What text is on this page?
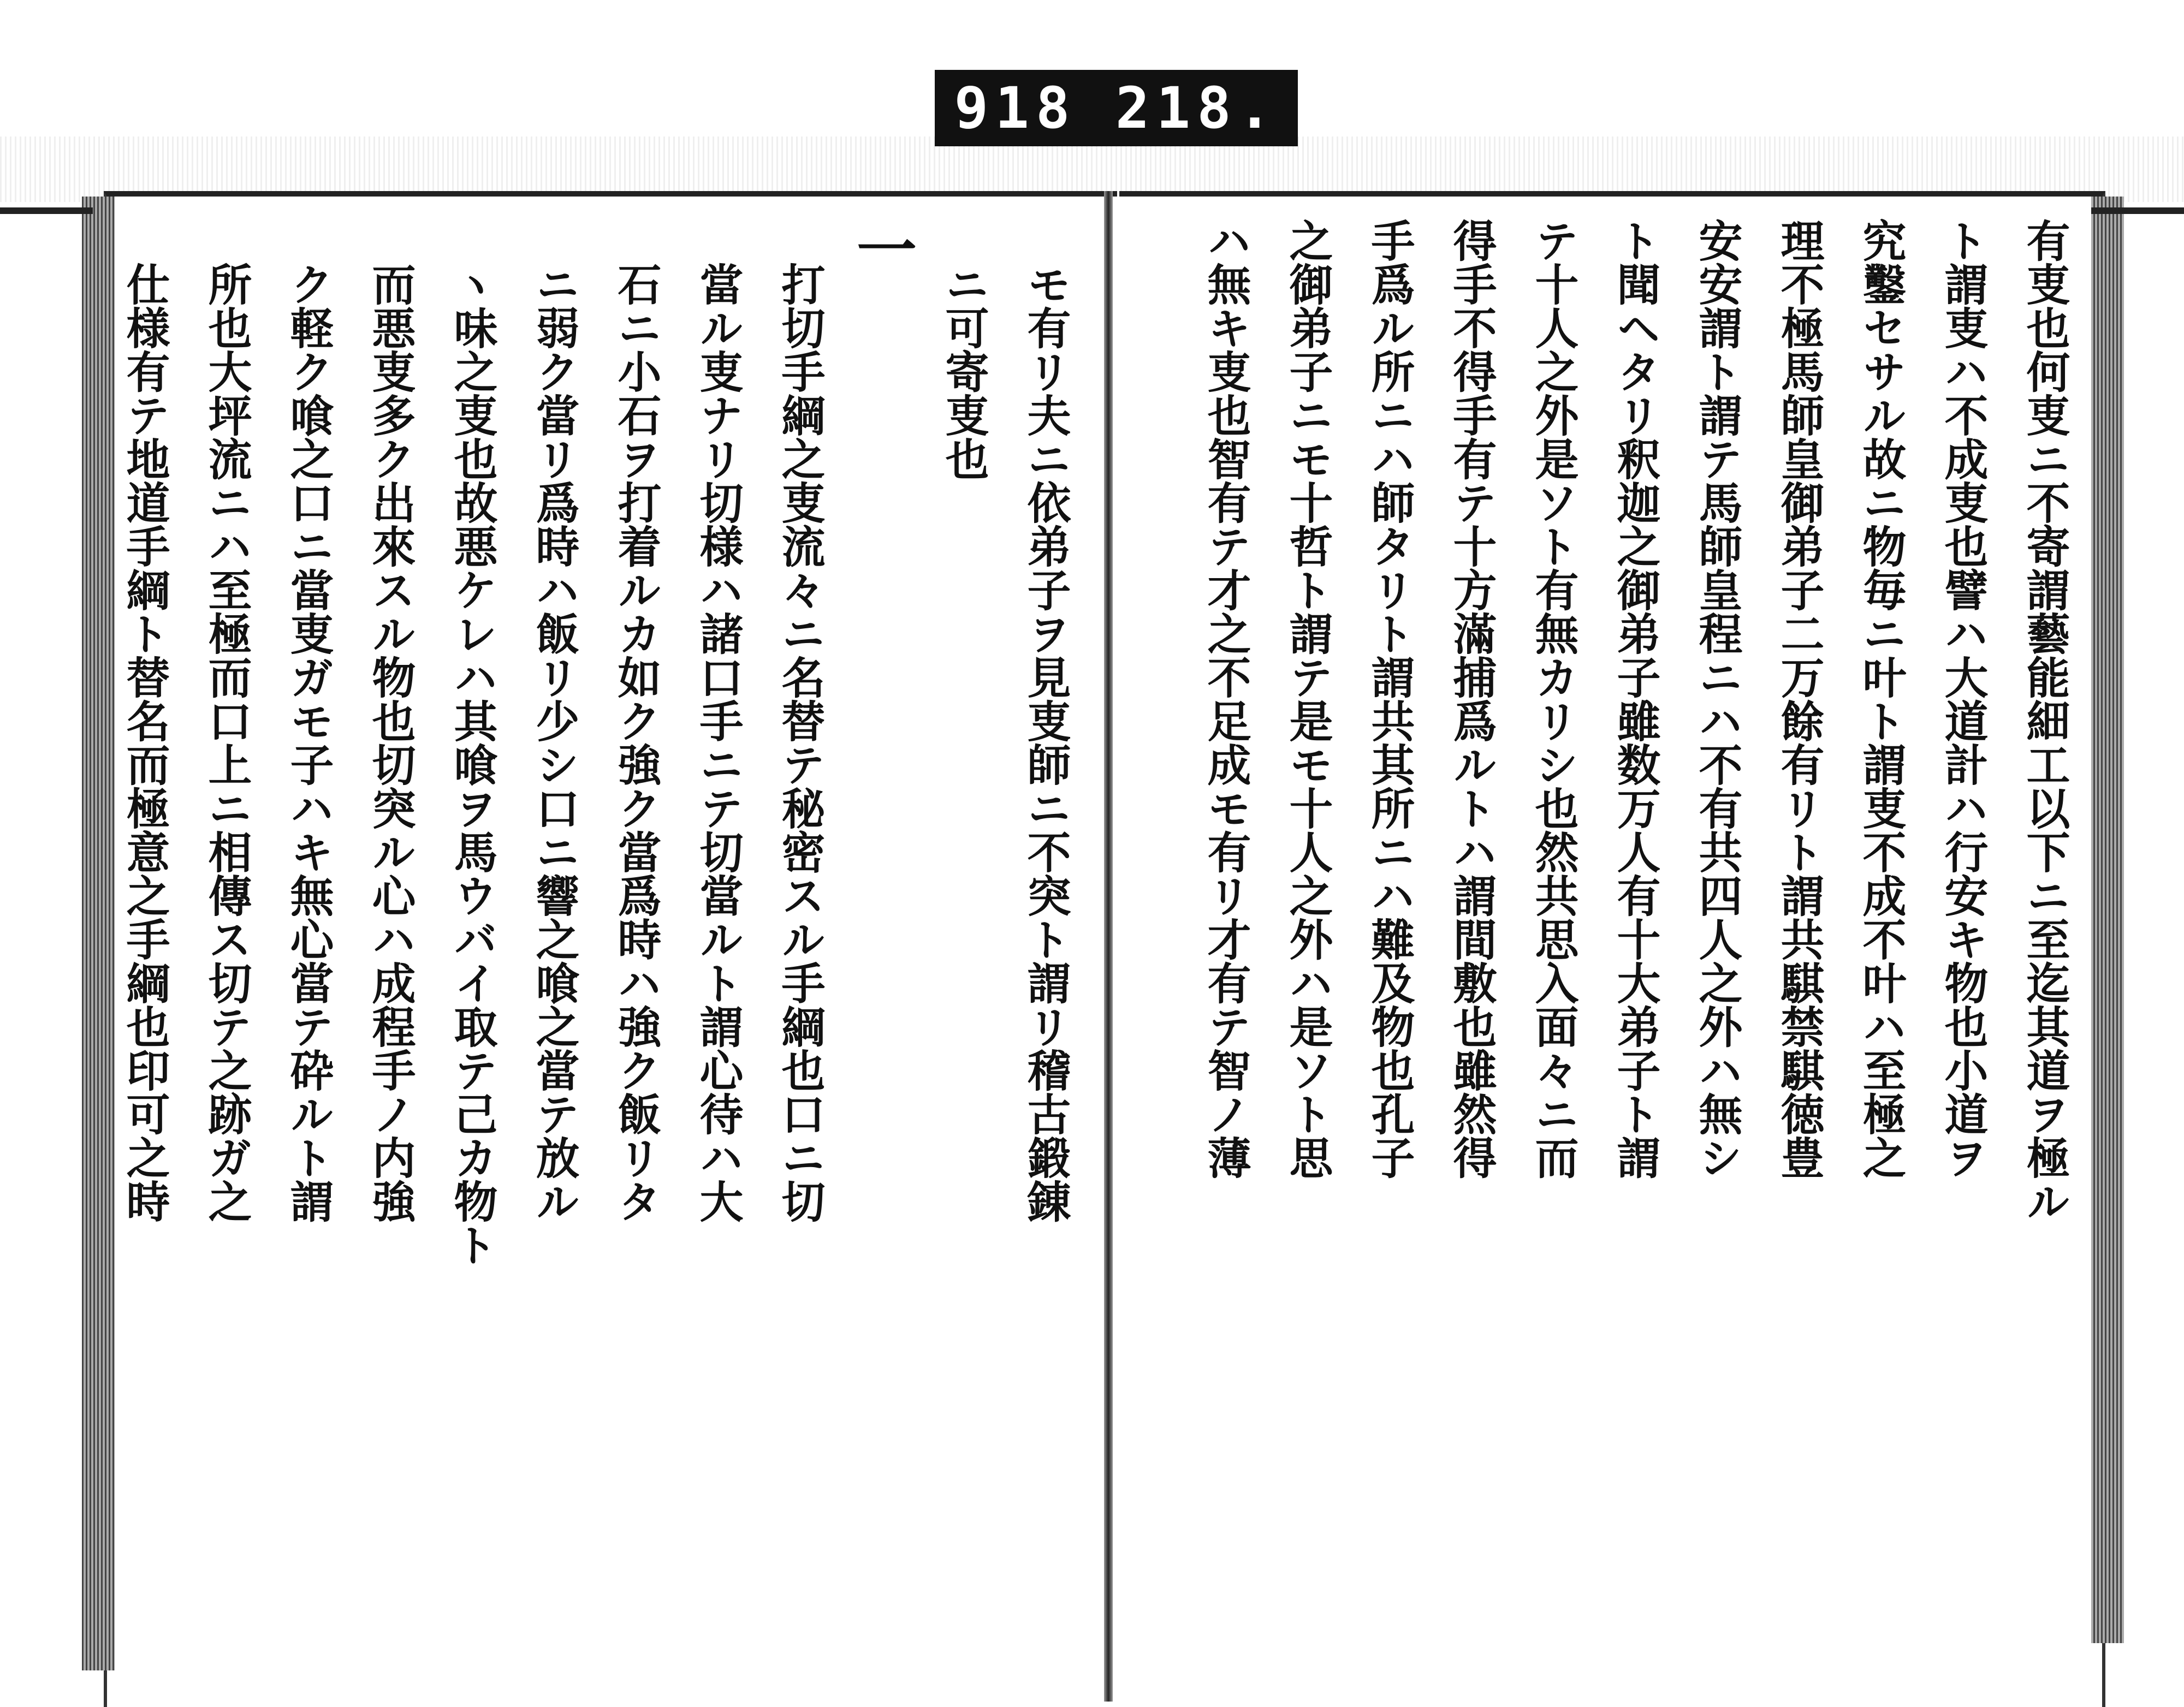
918 218.
有叓也何叓ニ不寄謂藝能細工以下ニ至迄其道ヲ極ル
ト謂叓ハ不成叓也譬ハ大道計ハ行安キ物也小道ヲ
究鑿セサル故ニ物毎ニ叶ト謂叓不成不叶ハ至極之
理不極馬師皇御弟子二万餘有リト謂共騏禁騏徳豊
安安謂ト謂テ馬師皇程ニハ不有共四人之外ハ無シ
ト聞ヘタリ釈迦之御弟子雖数万人有十大弟子ト謂
テ十人之外是ソト有無カリシ也然共思入面々ニ而
得手不得手有テ十方滿捕爲ルトハ謂間敷也雖然得
手爲ル所ニハ師タリト謂共其所ニハ難及物也孔子
之御弟子ニモ十哲ト謂テ是モ十人之外ハ是ソト思
ハ無キ叓也智有テ才之不足成モ有リ才有テ智ノ薄
モ有リ夫ニ依弟子ヲ見叓師ニ不突ト謂リ稽古鍛錬
ニ可寄叓也
一
打切手綱之叓流々ニ名替テ秘密スル手綱也口ニ切
當ル叓ナリ切様ハ諸口手ニテ切當ルト謂心待ハ大
石ニ小石ヲ打着ルカ如ク強ク當爲時ハ強ク飯リタ
ニ弱ク當リ爲時ハ飯リ少シ口ニ響之喰之當テ放ル
ヽ味之叓也故悪ケレハ其喰ヲ馬ウバイ取テ己カ物ト
而悪叓多ク出來スル物也切突ル心ハ成程手ノ内強
ク軽ク喰之口ニ當叓ガモ子ハキ無心當テ砕ルト謂
所也大坪流ニハ至極而口上ニ相傳ス切テ之跡ガ之
仕様有テ地道手綱ト替名而極意之手綱也印可之時
